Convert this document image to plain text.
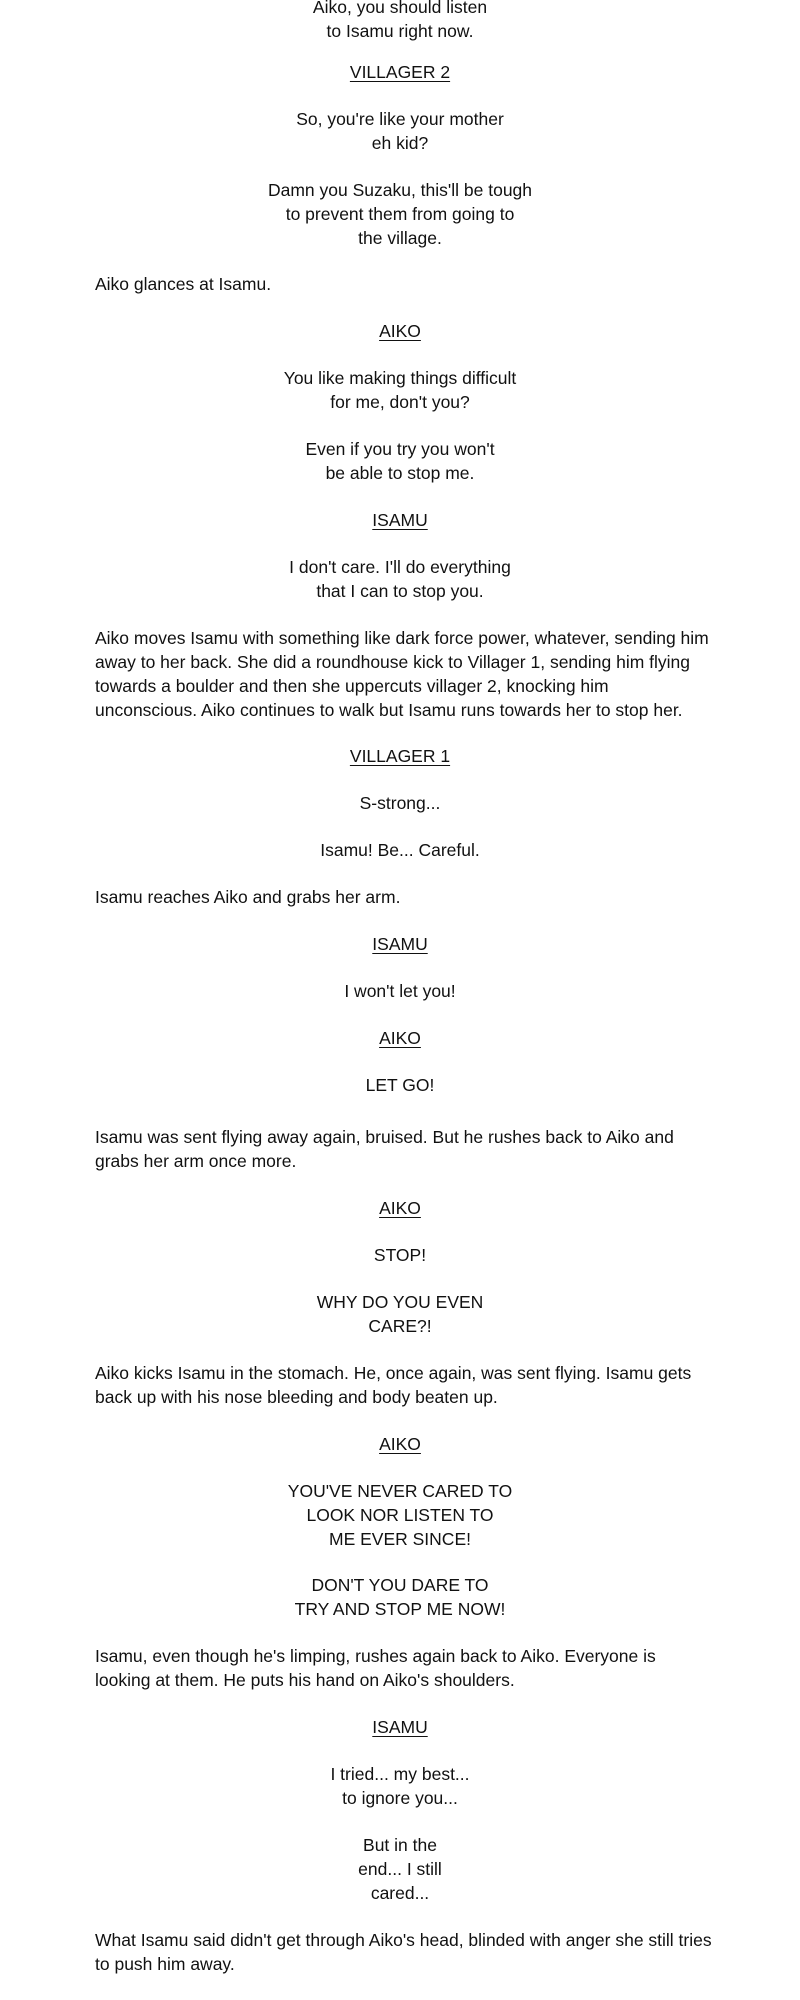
Aiko, you should listen
to Isamu right now.

VILLAGER 2

So, you're like your mother
eh kid?

Damn you Suzaku, this'll be tough
to prevent them from going to
the village.

Aiko glances at Isamu.

AIKO

You like making things difficult
for me, don't you?

Even if you try you won't
be able to stop me.

ISAMU

I don't care. I'll do everything
that I can to stop you.

Aiko moves Isamu with something like dark force power, whatever, sending him away to her back. She did a roundhouse kick to Villager 1, sending him flying towards a boulder and then she uppercuts villager 2, knocking him unconscious. Aiko continues to walk but Isamu runs towards her to stop her.

VILLAGER 1

S-strong...

Isamu! Be... Careful.

Isamu reaches Aiko and grabs her arm.

ISAMU

I won't let you!

AIKO

LET GO!

Isamu was sent flying away again, bruised. But he rushes back to Aiko and grabs her arm once more.

AIKO

STOP!

WHY DO YOU EVEN
CARE?!

Aiko kicks Isamu in the stomach. He, once again, was sent flying. Isamu gets back up with his nose bleeding and body beaten up.

AIKO

YOU'VE NEVER CARED TO
LOOK NOR LISTEN TO
ME EVER SINCE!

DON'T YOU DARE TO
TRY AND STOP ME NOW!

Isamu, even though he's limping, rushes again back to Aiko. Everyone is looking at them. He puts his hand on Aiko's shoulders.

ISAMU

I tried... my best...
to ignore you...

But in the
end... I still
cared...

What Isamu said didn't get through Aiko's head, blinded with anger she still tries to push him away.
